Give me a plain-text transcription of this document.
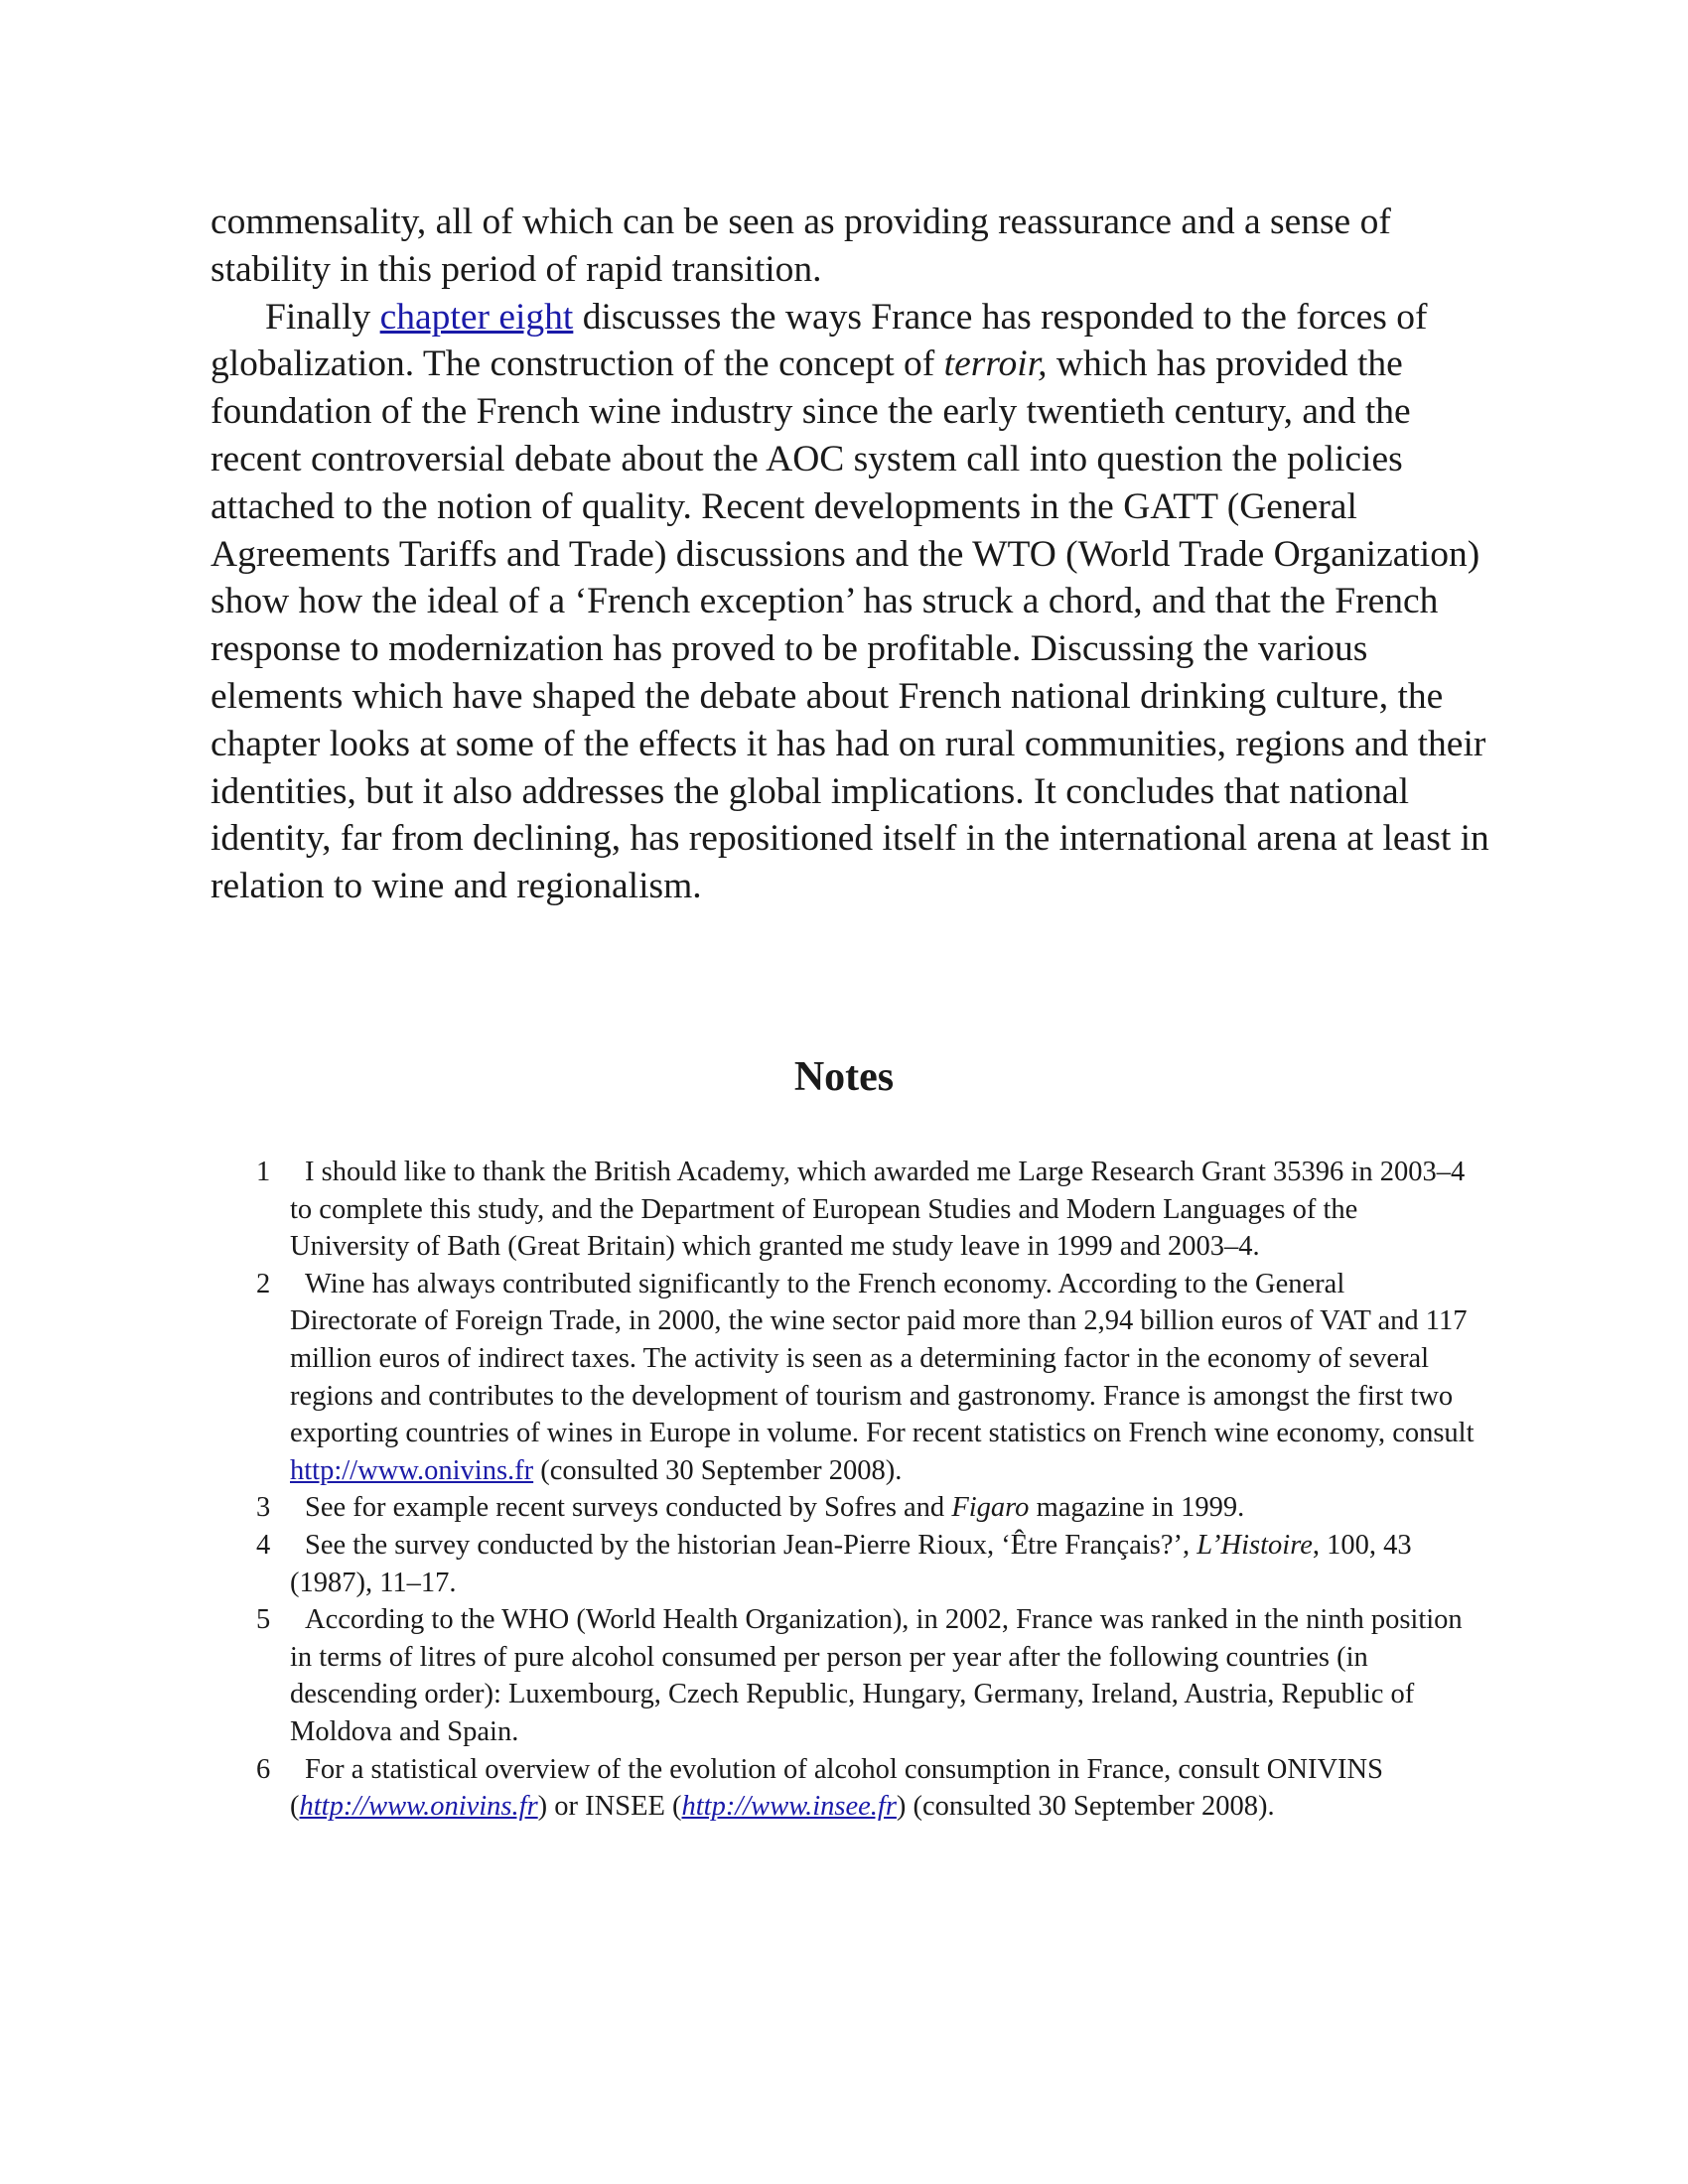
commensality, all of which can be seen as providing reassurance and a sense of stability in this period of rapid transition.

Finally chapter eight discusses the ways France has responded to the forces of globalization. The construction of the concept of terroir, which has provided the foundation of the French wine industry since the early twentieth century, and the recent controversial debate about the AOC system call into question the policies attached to the notion of quality. Recent developments in the GATT (General Agreements Tariffs and Trade) discussions and the WTO (World Trade Organization) show how the ideal of a ‘French exception’ has struck a chord, and that the French response to modernization has proved to be profitable. Discussing the various elements which have shaped the debate about French national drinking culture, the chapter looks at some of the effects it has had on rural communities, regions and their identities, but it also addresses the global implications. It concludes that national identity, far from declining, has repositioned itself in the international arena at least in relation to wine and regionalism.

Notes
1	I should like to thank the British Academy, which awarded me Large Research Grant 35396 in 2003–4 to complete this study, and the Department of European Studies and Modern Languages of the University of Bath (Great Britain) which granted me study leave in 1999 and 2003–4.
2	Wine has always contributed significantly to the French economy. According to the General Directorate of Foreign Trade, in 2000, the wine sector paid more than 2,94 billion euros of VAT and 117 million euros of indirect taxes. The activity is seen as a determining factor in the economy of several regions and contributes to the development of tourism and gastronomy. France is amongst the first two exporting countries of wines in Europe in volume. For recent statistics on French wine economy, consult http://www.onivins.fr (consulted 30 September 2008).
3	See for example recent surveys conducted by Sofres and Figaro magazine in 1999.
4	See the survey conducted by the historian Jean-Pierre Rioux, ‘Être Français?’, L’Histoire, 100, 43 (1987), 11–17.
5	According to the WHO (World Health Organization), in 2002, France was ranked in the ninth position in terms of litres of pure alcohol consumed per person per year after the following countries (in descending order): Luxembourg, Czech Republic, Hungary, Germany, Ireland, Austria, Republic of Moldova and Spain.
6	For a statistical overview of the evolution of alcohol consumption in France, consult ONIVINS (http://www.onivins.fr) or INSEE (http://www.insee.fr) (consulted 30 September 2008).
